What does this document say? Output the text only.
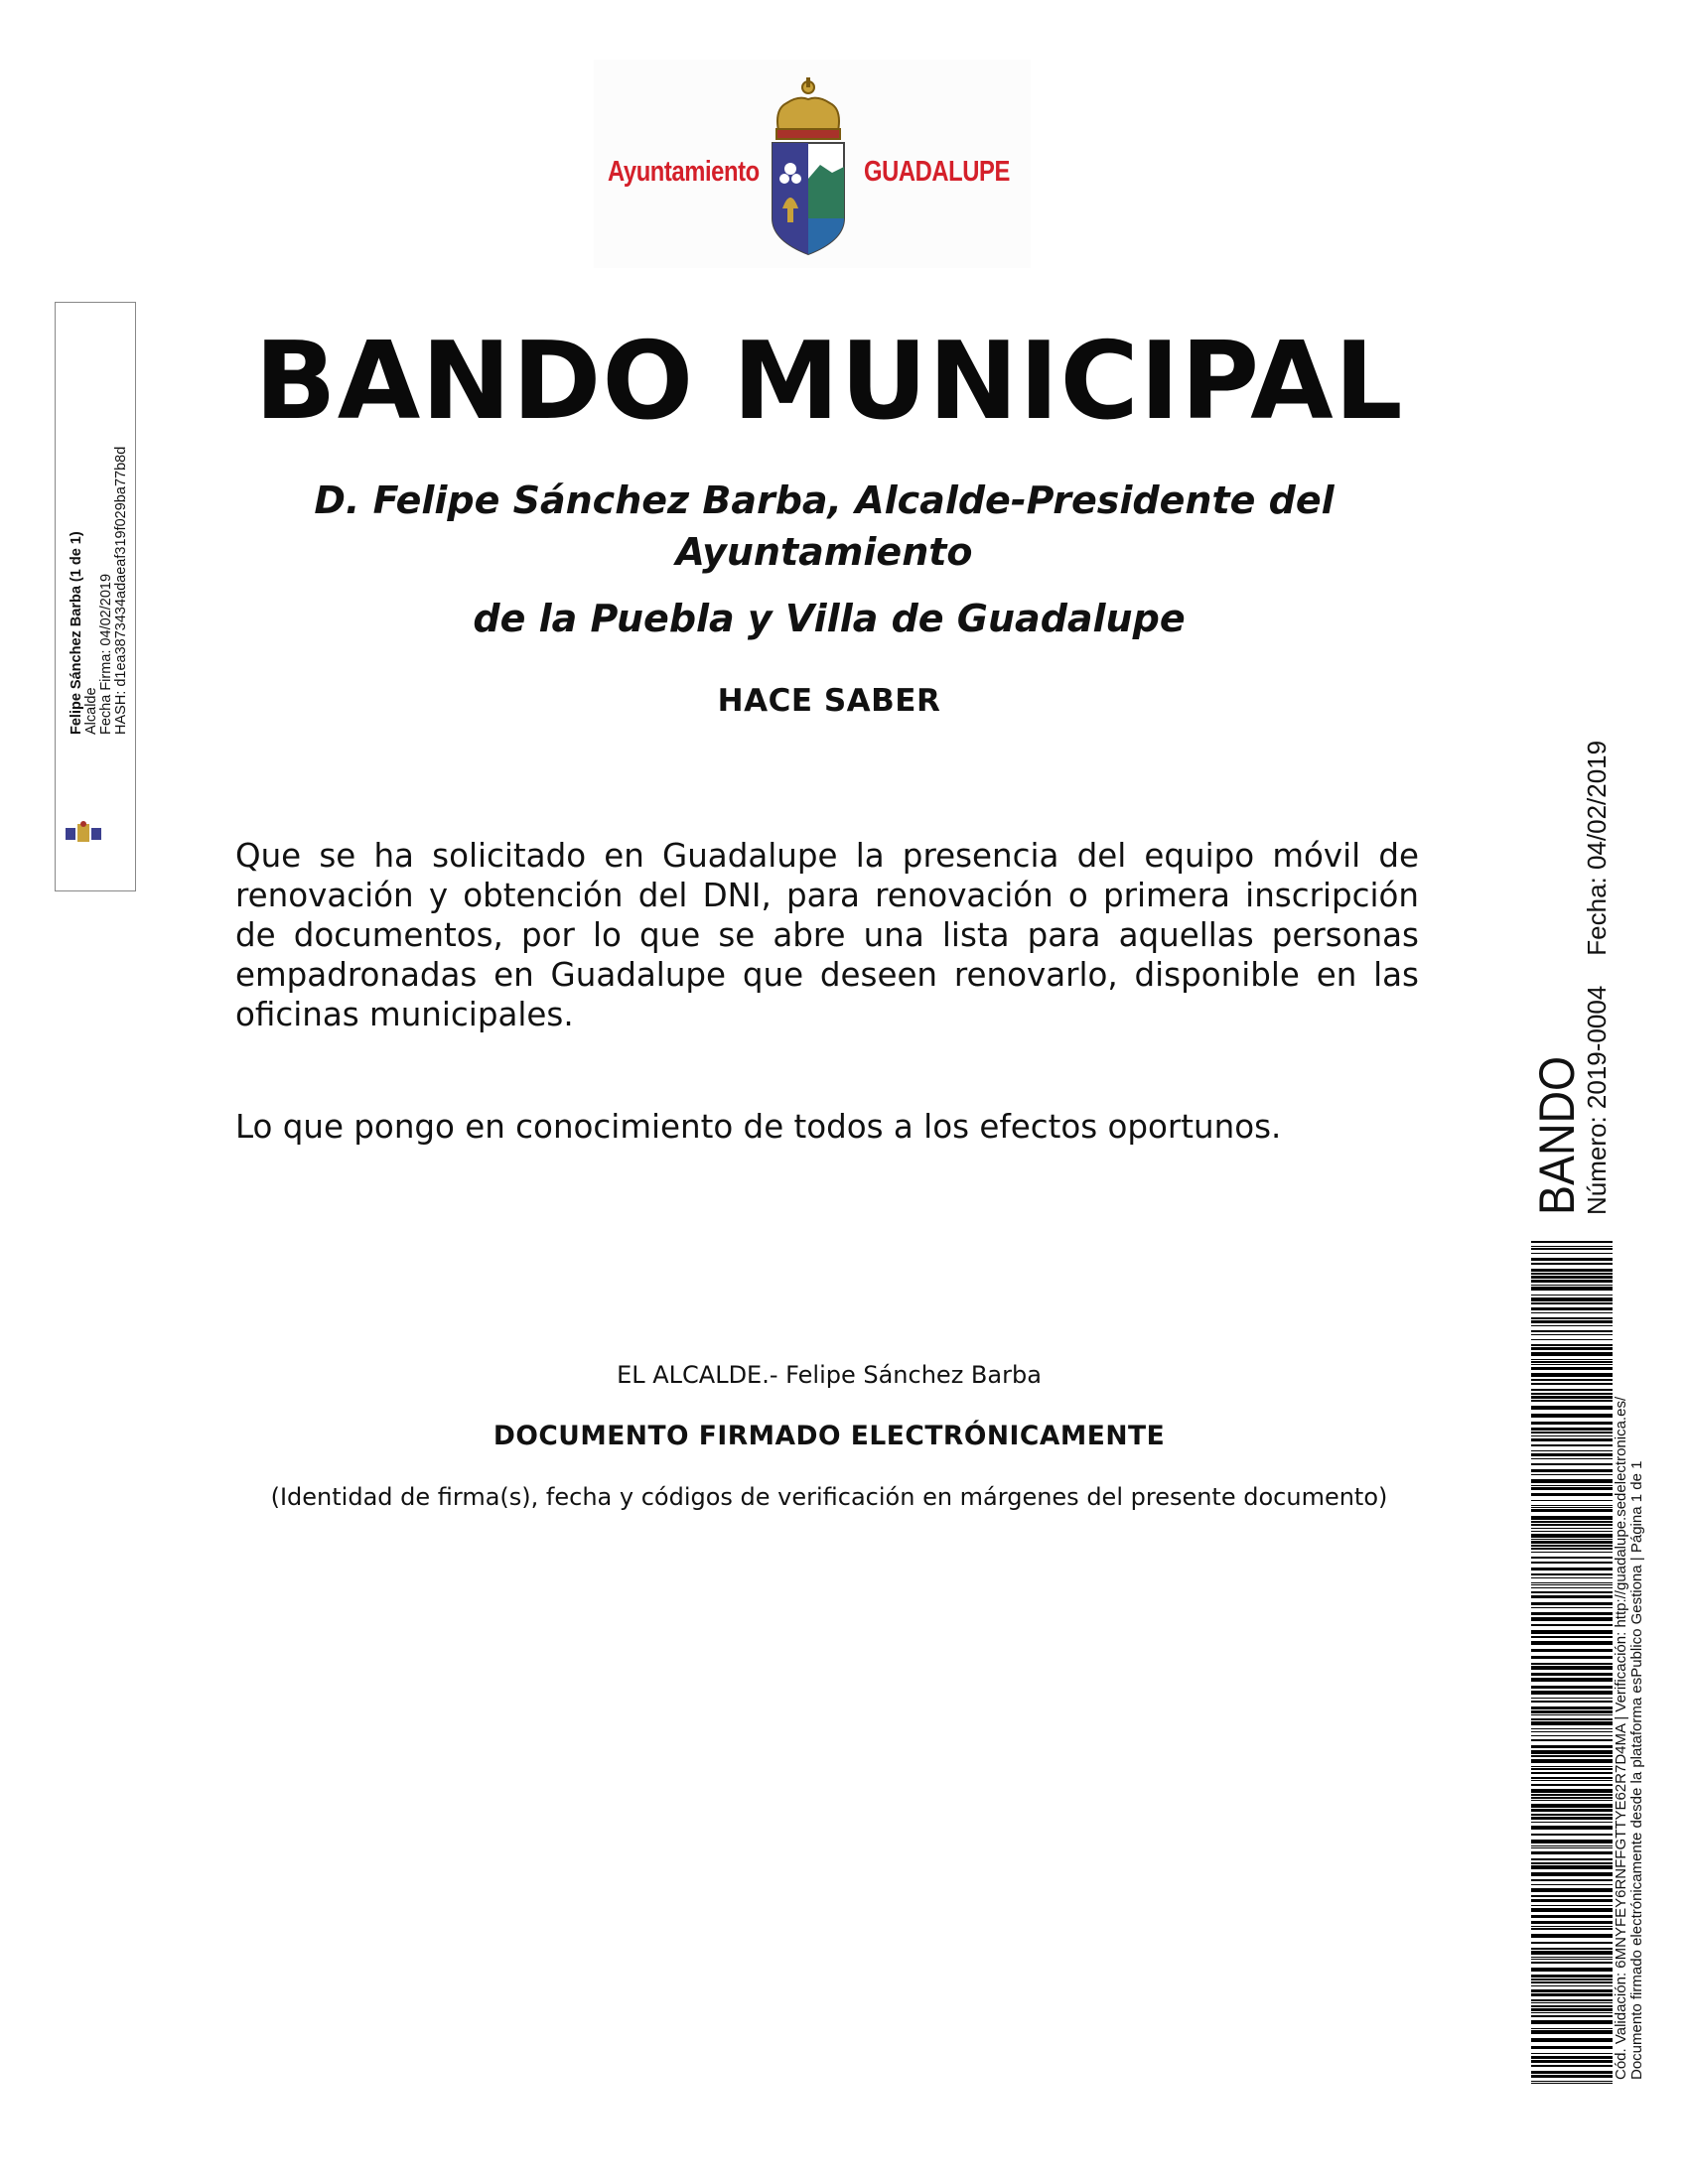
Ayuntamiento	GUADALUPE
Felipe Sánchez Barba (1 de 1) Alcalde Fecha Firma: 04/02/2019 HASH: d1ea3873434adaeaf319f029ba77b8d
BANDO MUNICIPAL
D. Felipe Sánchez Barba, Alcalde-Presidente del Ayuntamiento
de la Puebla y Villa de Guadalupe
HACE SABER
Que se ha solicitado en Guadalupe la presencia del equipo móvil de renovación y obtención del DNI, para renovación o primera inscripción de documentos, por lo que se abre una lista para aquellas personas empadronadas en Guadalupe que deseen renovarlo, disponible en las oficinas municipales.
Lo que pongo en conocimiento de todos a los efectos oportunos.
EL ALCALDE.- Felipe Sánchez Barba
DOCUMENTO FIRMADO ELECTRÓNICAMENTE
(Identidad de firma(s), fecha y códigos de verificación en márgenes del presente documento)
BANDO
Número: 2019-0004Fecha: 04/02/2019
Cód. Validación: 6MNYFEY6RNFFGTTYE62R7D4MA | Verificación: http://guadalupe.sedelectronica.es/ Documento firmado electrónicamente desde la plataforma esPublico Gestiona | Página 1 de 1
